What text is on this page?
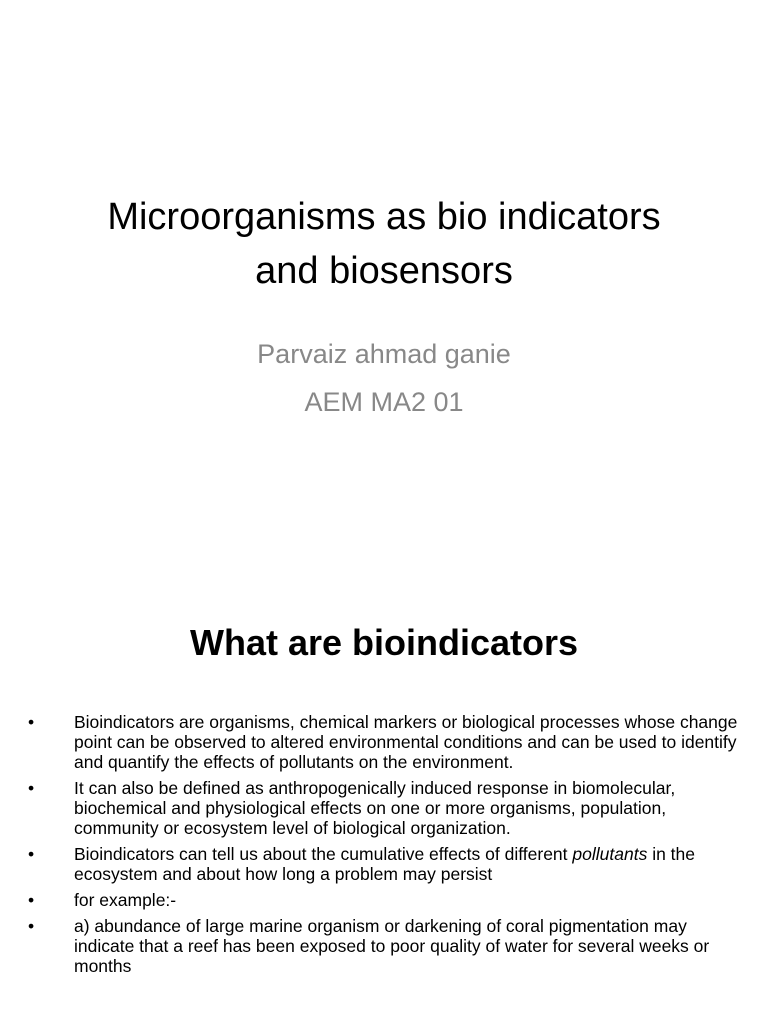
Microorganisms as bio indicators
and biosensors
Parvaiz ahmad ganie
AEM MA2 01
What are bioindicators
•	Bioindicators are organisms, chemical markers or biological processes whose change point can be observed to altered environmental conditions and can be used to identify and quantify the effects of pollutants on the environment.
•	It can also be defined as anthropogenically induced response in biomolecular, biochemical and physiological effects on one or more organisms, population, community or ecosystem level of biological organization.
•	Bioindicators can tell us about the cumulative effects of different pollutants in the ecosystem and about how long a problem may persist
•	for example:-
•	a) abundance of large marine organism or darkening of coral pigmentation may indicate that a reef has been exposed to poor quality of water for several weeks or months
